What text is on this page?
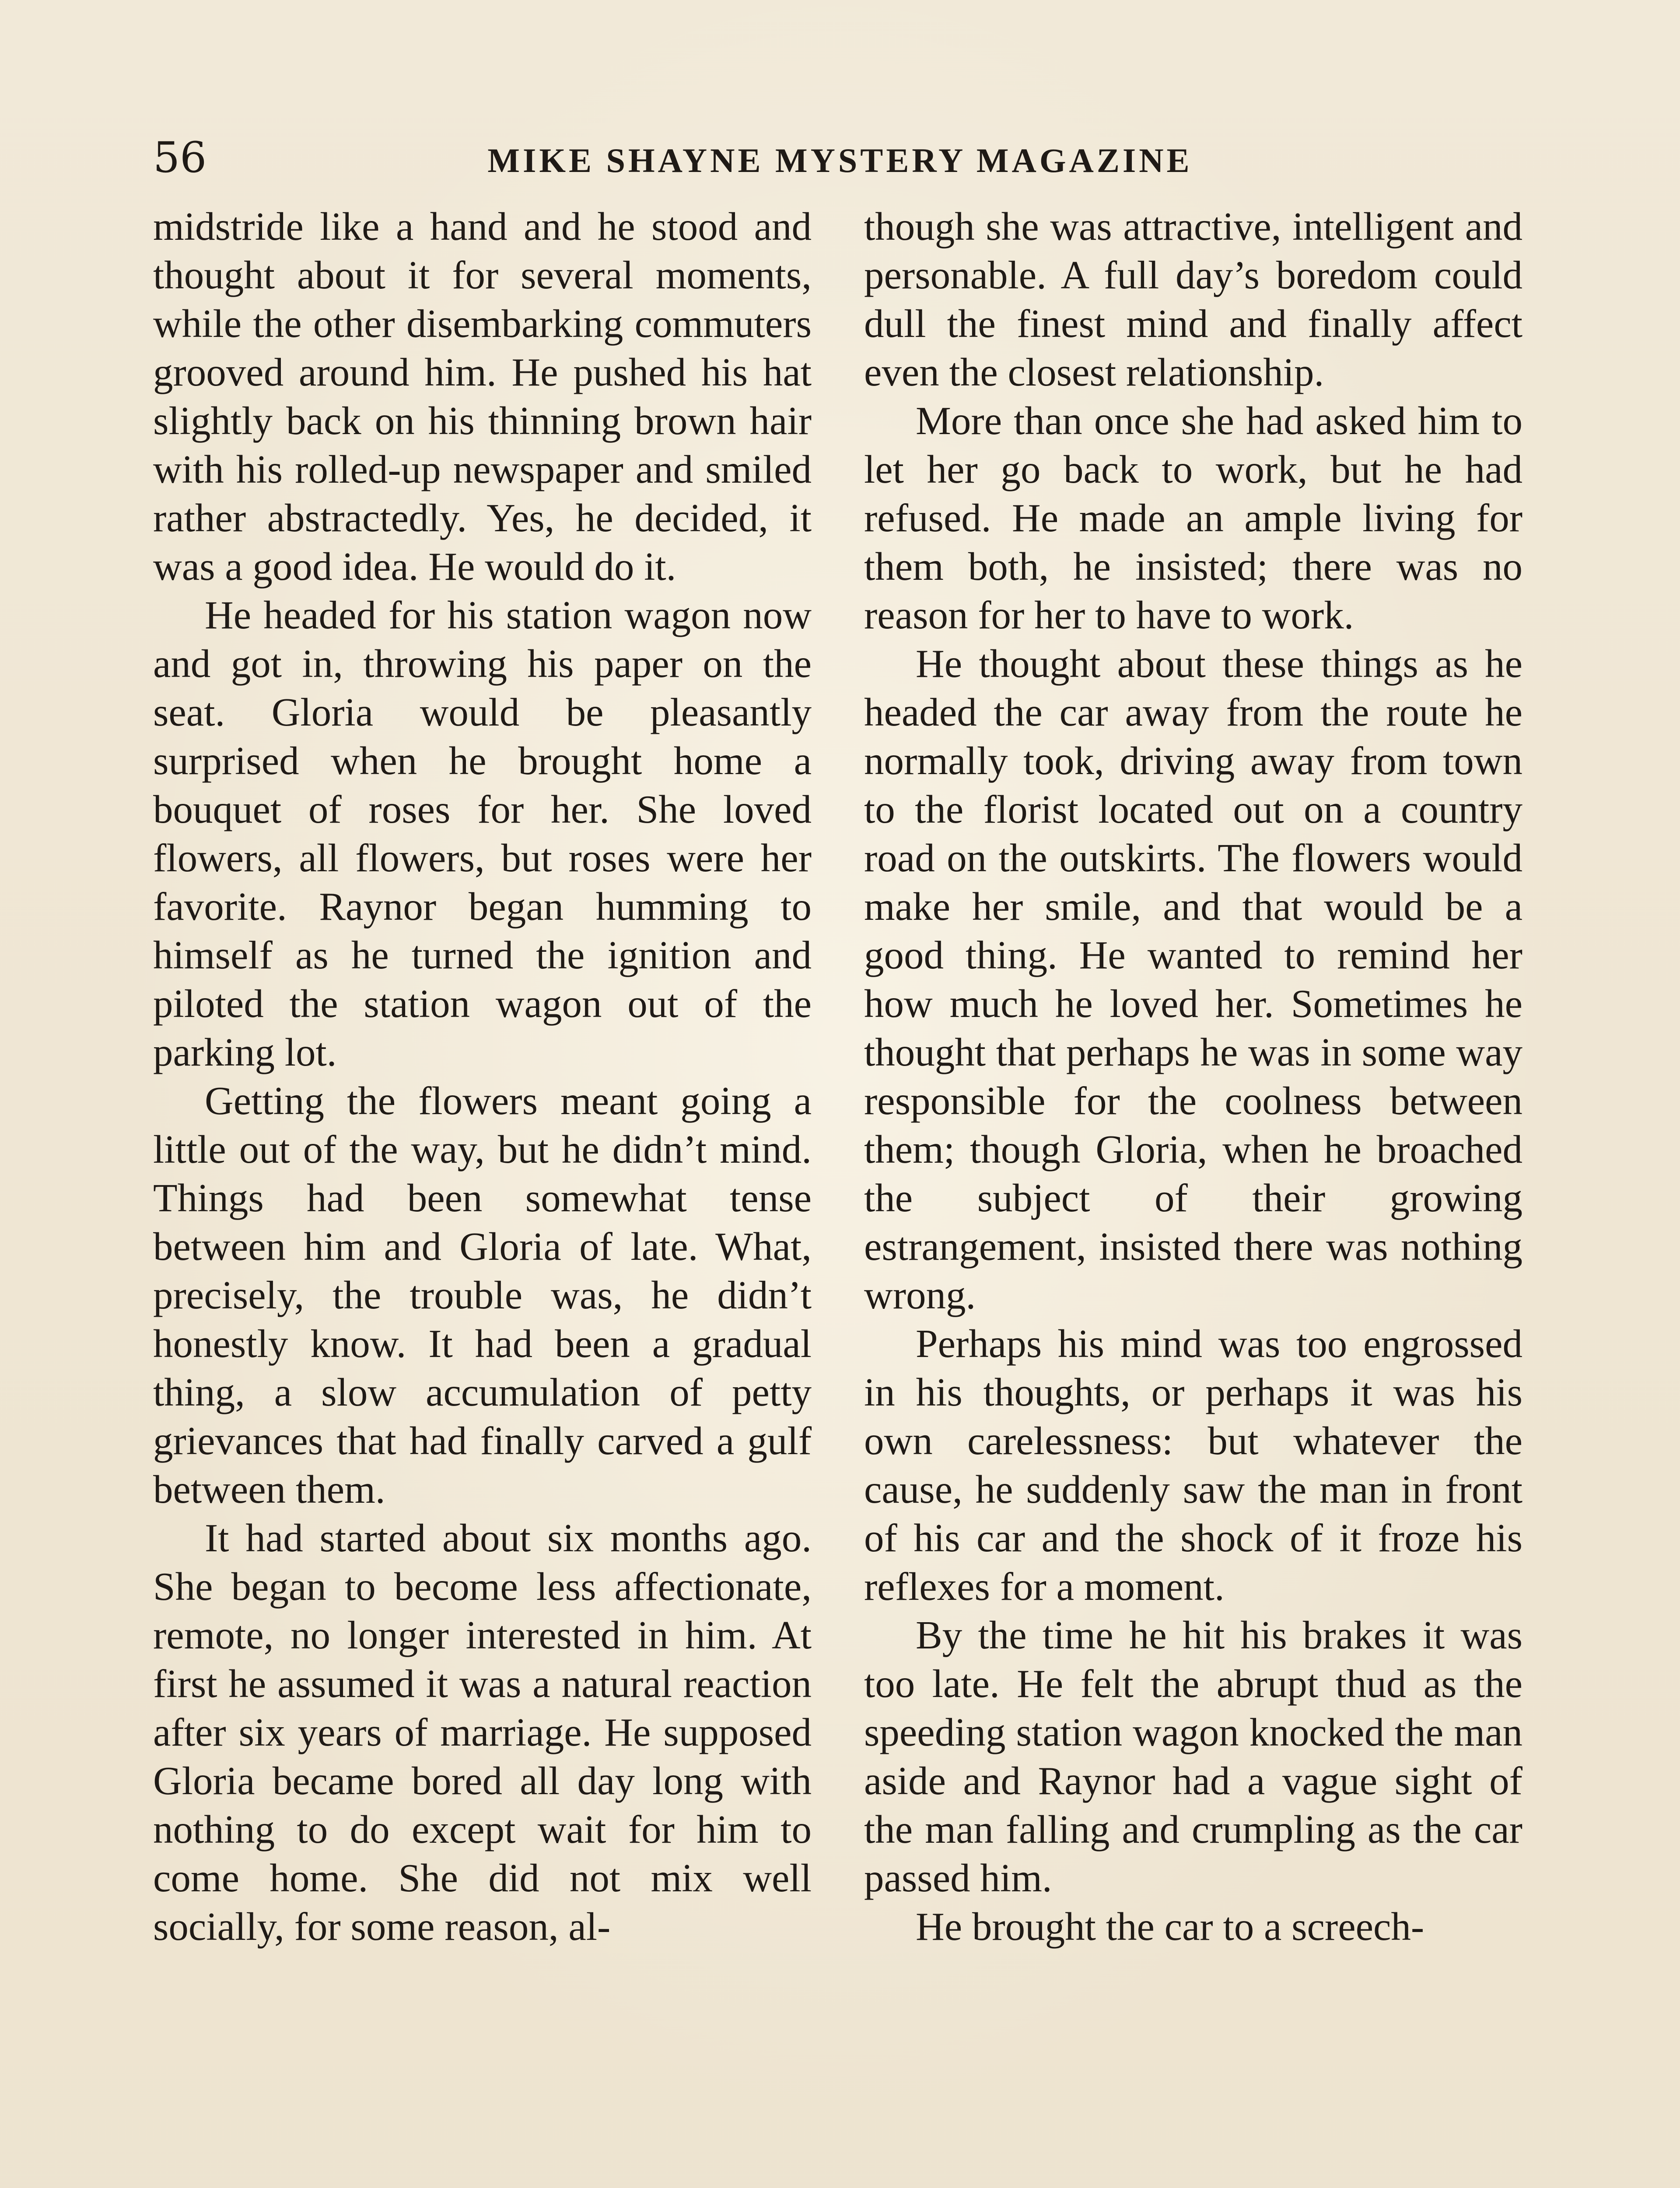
56	MIKE SHAYNE MYSTERY MAGAZINE

midstride like a hand and he stood and thought about it for several moments, while the other disembarking commuters grooved around him. He pushed his hat slightly back on his thinning brown hair with his rolled-up newspaper and smiled rather abstractedly. Yes, he decided, it was a good idea. He would do it.

He headed for his station wagon now and got in, throwing his paper on the seat. Gloria would be pleasantly surprised when he brought home a bouquet of roses for her. She loved flowers, all flowers, but roses were her favorite. Raynor began humming to himself as he turned the ignition and piloted the station wagon out of the parking lot.

Getting the flowers meant going a little out of the way, but he didn’t mind. Things had been somewhat tense between him and Gloria of late. What, precisely, the trouble was, he didn’t honestly know. It had been a gradual thing, a slow accumulation of petty grievances that had finally carved a gulf between them.

It had started about six months ago. She began to become less affectionate, remote, no longer interested in him. At first he assumed it was a natural reaction after six years of marriage. He supposed Gloria became bored all day long with nothing to do except wait for him to come home. She did not mix well socially, for some reason, al-

though she was attractive, intelligent and personable. A full day’s boredom could dull the finest mind and finally affect even the closest relationship.

More than once she had asked him to let her go back to work, but he had refused. He made an ample living for them both, he insisted; there was no reason for her to have to work.

He thought about these things as he headed the car away from the route he normally took, driving away from town to the florist located out on a country road on the outskirts. The flowers would make her smile, and that would be a good thing. He wanted to remind her how much he loved her. Sometimes he thought that perhaps he was in some way responsible for the coolness between them; though Gloria, when he broached the subject of their growing estrangement, insisted there was nothing wrong.

Perhaps his mind was too engrossed in his thoughts, or perhaps it was his own carelessness: but whatever the cause, he suddenly saw the man in front of his car and the shock of it froze his reflexes for a moment.

By the time he hit his brakes it was too late. He felt the abrupt thud as the speeding station wagon knocked the man aside and Raynor had a vague sight of the man falling and crumpling as the car passed him.

He brought the car to a screech-
